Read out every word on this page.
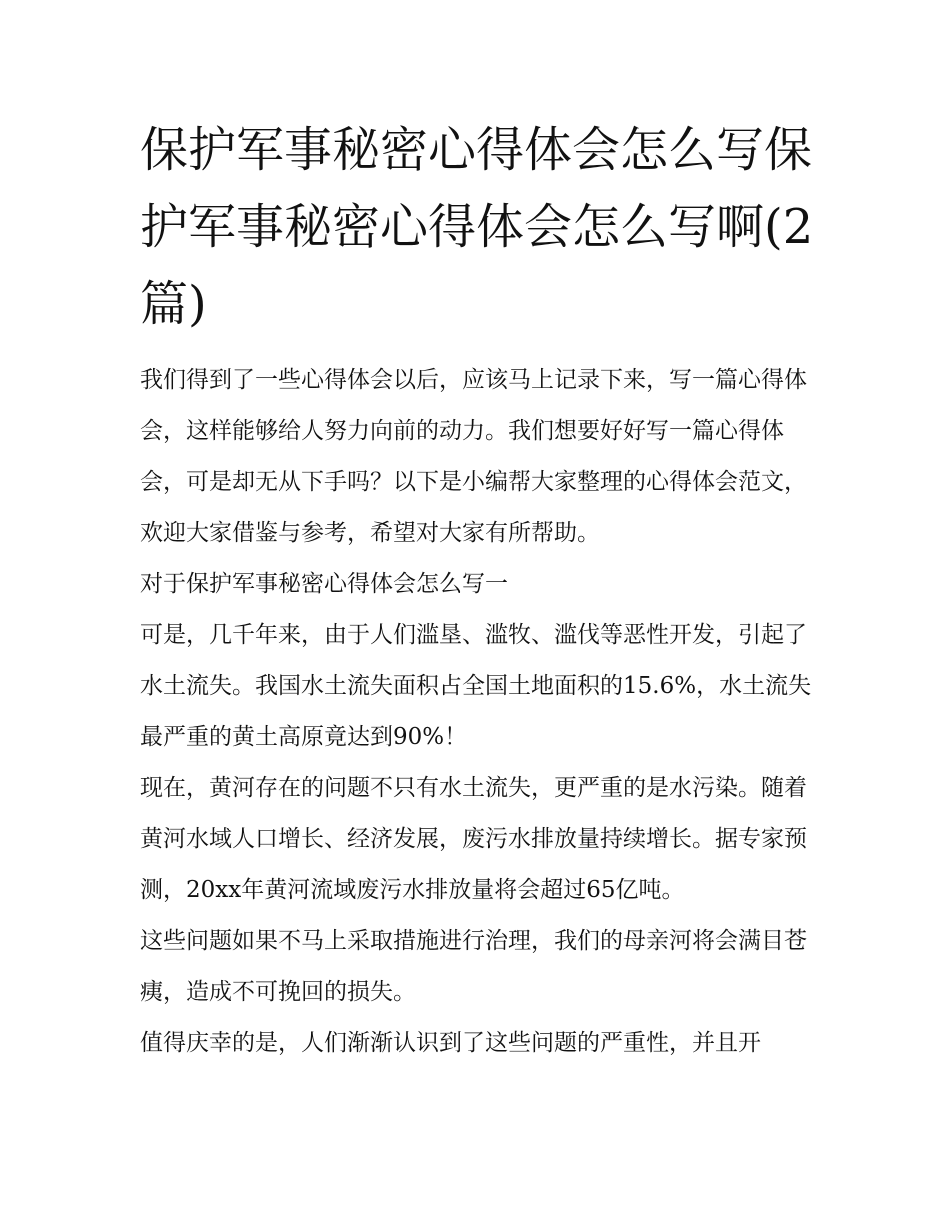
保护军事秘密心得体会怎么写保护军事秘密心得体会怎么写啊(2篇)

我们得到了一些心得体会以后，应该马上记录下来，写一篇心得体会，这样能够给人努力向前的动力。我们想要好好写一篇心得体会，可是却无从下手吗？以下是小编帮大家整理的心得体会范文，欢迎大家借鉴与参考，希望对大家有所帮助。

对于保护军事秘密心得体会怎么写一

可是，几千年来，由于人们滥垦、滥牧、滥伐等恶性开发，引起了水土流失。我国水土流失面积占全国土地面积的15.6%，水土流失最严重的黄土高原竟达到90%！

现在，黄河存在的问题不只有水土流失，更严重的是水污染。随着黄河水域人口增长、经济发展，废污水排放量持续增长。据专家预测，20xx年黄河流域废污水排放量将会超过65亿吨。

这些问题如果不马上采取措施进行治理，我们的母亲河将会满目苍痍，造成不可挽回的损失。

值得庆幸的是，人们渐渐认识到了这些问题的严重性，并且开
